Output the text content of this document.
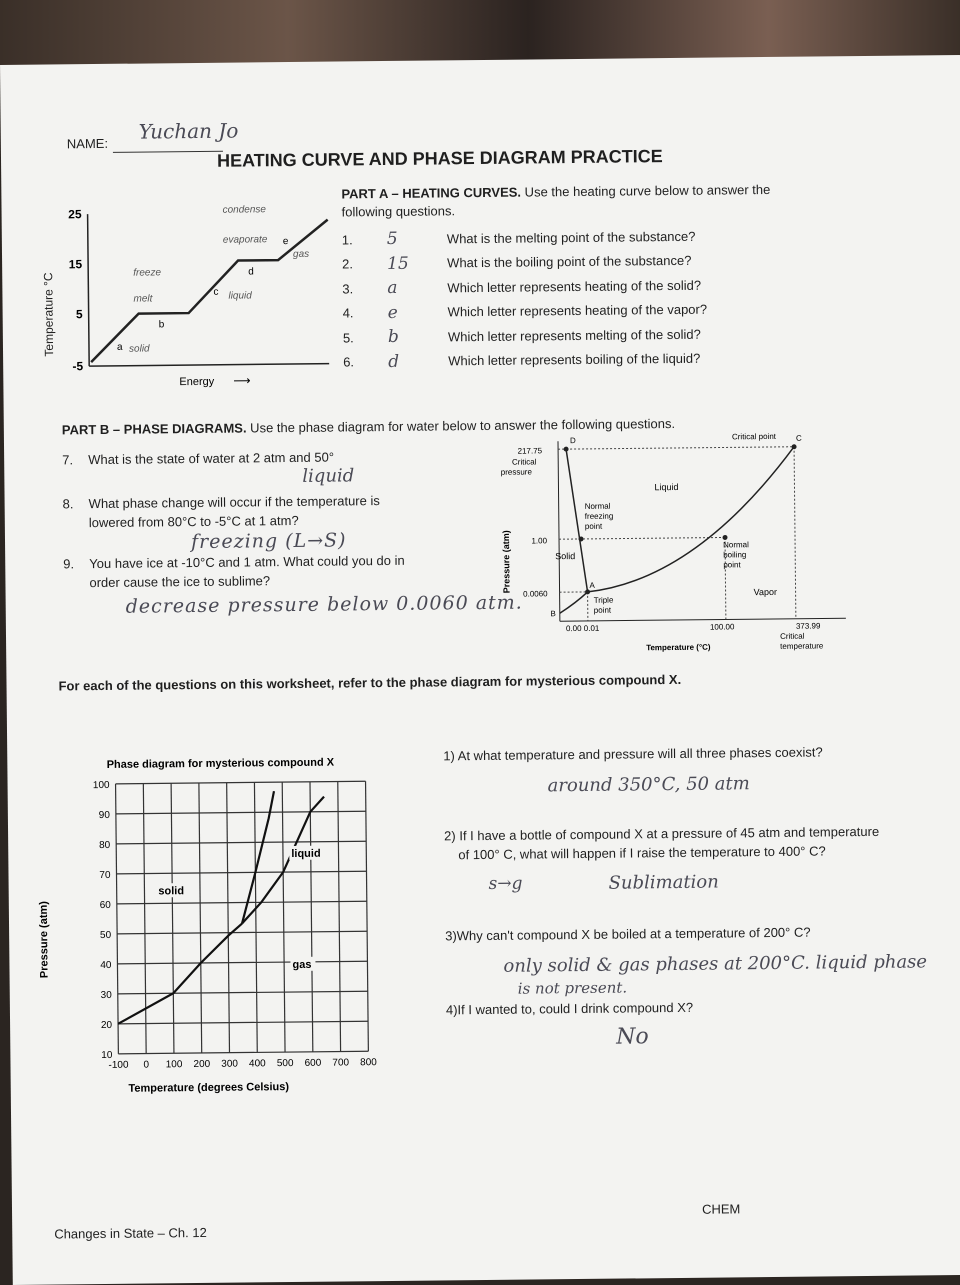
NAME:
Yuchan Jo
HEATING CURVE AND PHASE DIAGRAM PRACTICE
Temperature °C
25
15
5
-5
a
b
c
d
e
condense
evaporate
gas
freeze
melt	liquid
solid
Energy ⟶
PART A – HEATING CURVES. Use the heating curve below to answer the following questions.
1.	5	What is the melting point of the substance?
2.	15	What is the boiling point of the substance?
3.	a	Which letter represents heating of the solid?
4.	e	Which letter represents heating of the vapor?
5.	b	Which letter represents melting of the solid?
6.	d	Which letter represents boiling of the liquid?
PART B – PHASE DIAGRAMS. Use the phase diagram for water below to answer the following questions.
7. What is the state of water at 2 atm and 50°
liquid
8. What phase change will occur if the temperature is
lowered from 80°C to -5°C at 1 atm?
freezing (L→S)
9. You have ice at -10°C and 1 atm. What could you do in
order cause the ice to sublime?
decrease pressure below 0.0060 atm.
Pressure (atm)
217.75
Critical
pressure
1.00
0.0060
D	C
A
B
Critical point
Liquid
Solid
Vapor
Normal
freezing
point
Normal
boiling
point
Triple
point
0.00 0.01	100.00	373.99
Critical
temperature
Temperature (°C)
For each of the questions on this worksheet, refer to the phase diagram for mysterious compound X.
Phase diagram for mysterious compound X
Pressure (atm)
Temperature (degrees Celsius)
-100 0 100 200 300 400 500 600 700 800
10
20
30
40
50
60
70
80
90
100
solid
liquid
gas
1) At what temperature and pressure will all three phases coexist?
around 350°C, 50 atm
2) If I have a bottle of compound X at a pressure of 45 atm and temperature
of 100° C, what will happen if I raise the temperature to 400° C?
s→g	Sublimation
3)Why can't compound X be boiled at a temperature of 200° C?
only solid & gas phases at 200°C. liquid phase
is not present.
4)If I wanted to, could I drink compound X?
No
Changes in State – Ch. 12
CHEM
